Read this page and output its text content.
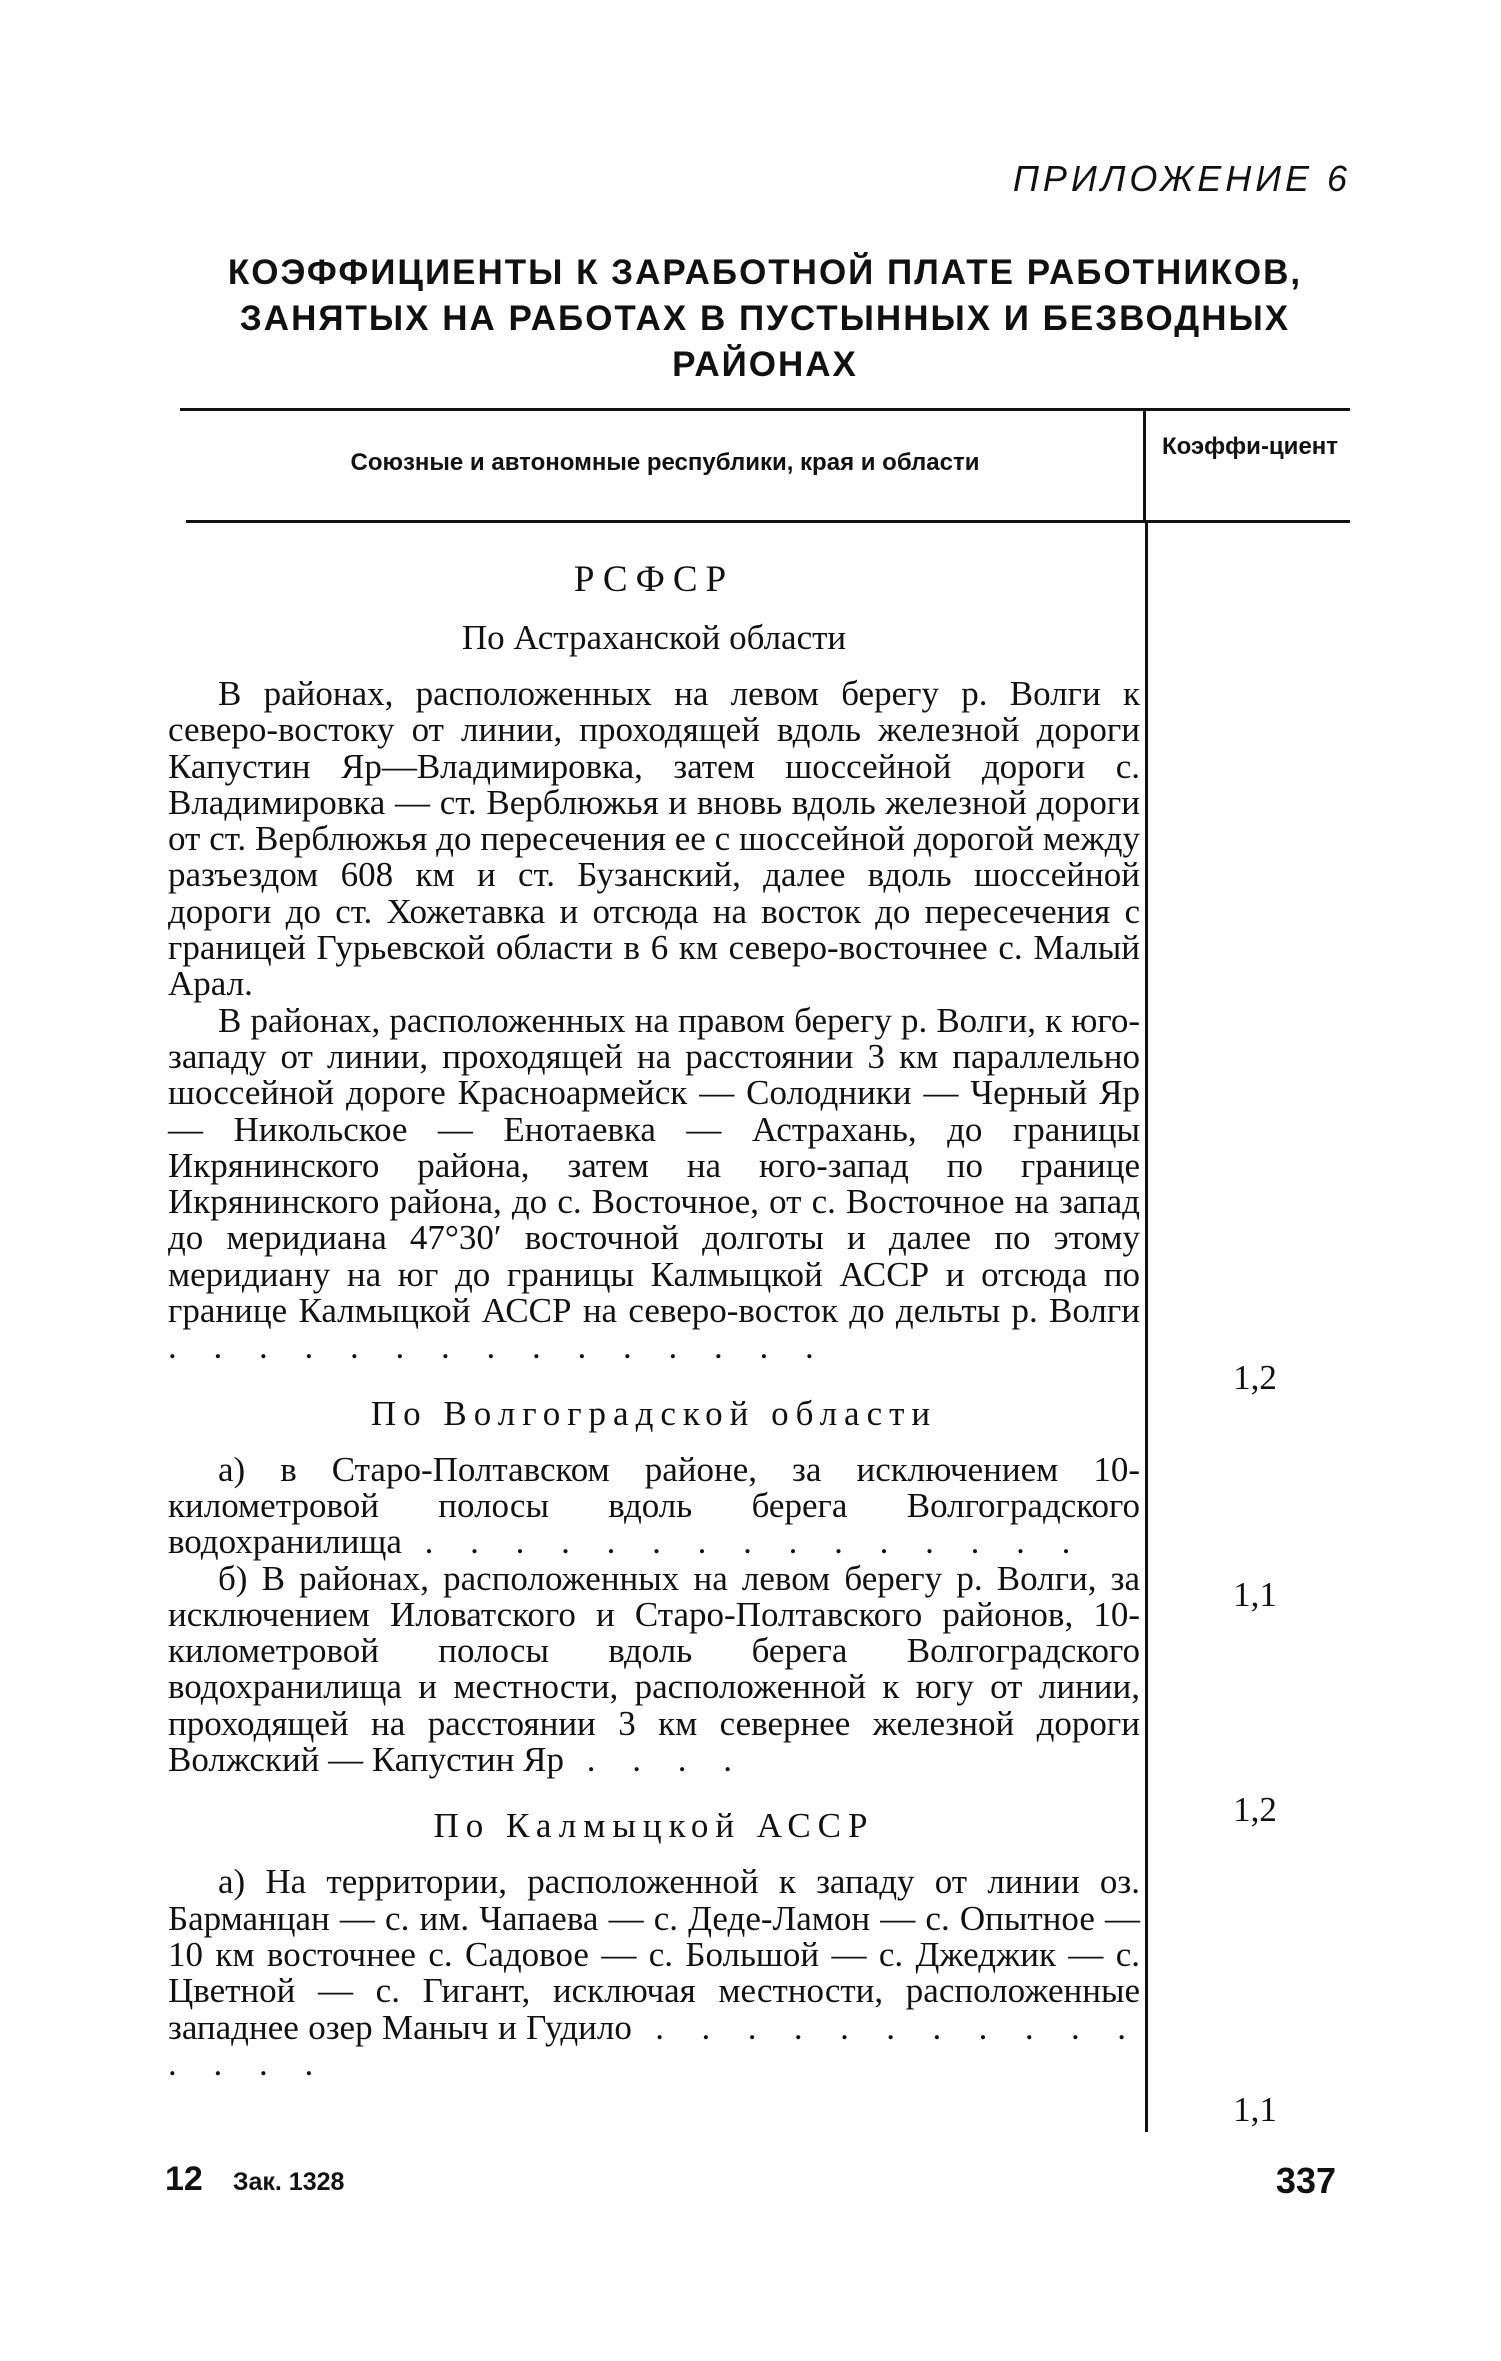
ПРИЛОЖЕНИЕ 6
КОЭФФИЦИЕНТЫ К ЗАРАБОТНОЙ ПЛАТЕ РАБОТНИКОВ, ЗАНЯТЫХ НА РАБОТАХ В ПУСТЫННЫХ И БЕЗВОДНЫХ РАЙОНАХ
Союзные и автономные республики, края и области
Коэффи-циент
РСФСР
По Астраханской области

В районах, расположенных на левом берегу р. Волги к северо-востоку от линии, проходящей вдоль железной дороги Капустин Яр—Владимировка, затем шоссейной дороги с. Владимировка — ст. Верблюжья и вновь вдоль железной дороги от ст. Верблюжья до пересечения ее с шоссейной дорогой между разъездом 608 км и ст. Бузанский, далее вдоль шоссейной дороги до ст. Хожетавка и отсюда на восток до пересечения с границей Гурьевской области в 6 км северо-восточнее с. Малый Арал.

В районах, расположенных на правом берегу р. Волги, к юго-западу от линии, проходящей на расстоянии 3 км параллельно шоссейной дороге Красноармейск — Солодники — Черный Яр — Никольское — Енотаевка — Астрахань, до границы Икрянинского района, затем на юго-запад по границе Икрянинского района, до с. Восточное, от с. Восточное на запад до меридиана 47°30′ восточной долготы и далее по этому меридиану на юг до границы Калмыцкой АССР и отсюда по границе Калмыцкой АССР на северо-восток до дельты р. Волги . . . . . . . . . . . . . . .

По Волгоградской области

а) в Старо-Полтавском районе, за исключением 10-километровой полосы вдоль берега Волгоградского водохранилища . . . . . . . . . . . . . . .

б) В районах, расположенных на левом берегу р. Волги, за исключением Иловатского и Старо-Полтавского районов, 10-километровой полосы вдоль берега Волгоградского водохранилища и местности, расположенной к югу от линии, проходящей на расстоянии 3 км севернее железной дороги Волжский — Капустин Яр . . . .

По Калмыцкой АССР

а) На территории, расположенной к западу от линии оз. Барманцан — с. им. Чапаева — с. Деде-Ламон — с. Опытное — 10 км восточнее с. Садовое — с. Большой — с. Джеджик — с. Цветной — с. Гигант, исключая местности, расположенные западнее озер Маныч и Гудило . . . . . . . . . . . . . . .

1,2
1,1
1,2
1,1
12 Зак. 1328	337
